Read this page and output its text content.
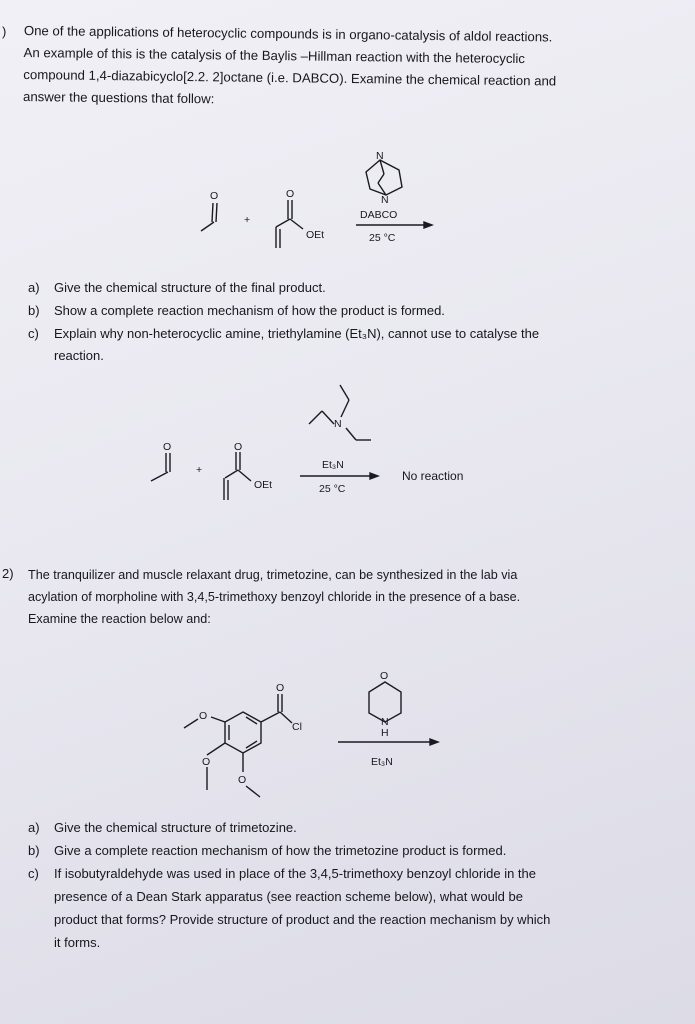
) One of the applications of heterocyclic compounds is in organo-catalysis of aldol reactions.
An example of this is the catalysis of the Baylis –Hillman reaction with the heterocyclic
compound 1,4-diazabicyclo[2.2. 2]octane (i.e. DABCO). Examine the chemical reaction and
answer the questions that follow:
O
+
O
OEt
N
N
DABCO
25 °C
a) Give the chemical structure of the final product.
b) Show a complete reaction mechanism of how the product is formed.
c) Explain why non-heterocyclic amine, triethylamine (Et₃N), cannot use to catalyse the
reaction.
O
+
O
OEt
N
Et₃N
25 °C
No reaction
2) The tranquilizer and muscle relaxant drug, trimetozine, can be synthesized in the lab via
acylation of morpholine with 3,4,5-trimethoxy benzoyl chloride in the presence of a base.
Examine the reaction below and:
O
Cl
O
O
O
O
N
H
Et₃N
a) Give the chemical structure of trimetozine.
b) Give a complete reaction mechanism of how the trimetozine product is formed.
c) If isobutyraldehyde was used in place of the 3,4,5-trimethoxy benzoyl chloride in the
presence of a Dean Stark apparatus (see reaction scheme below), what would be
product that forms? Provide structure of product and the reaction mechanism by which
it forms.
